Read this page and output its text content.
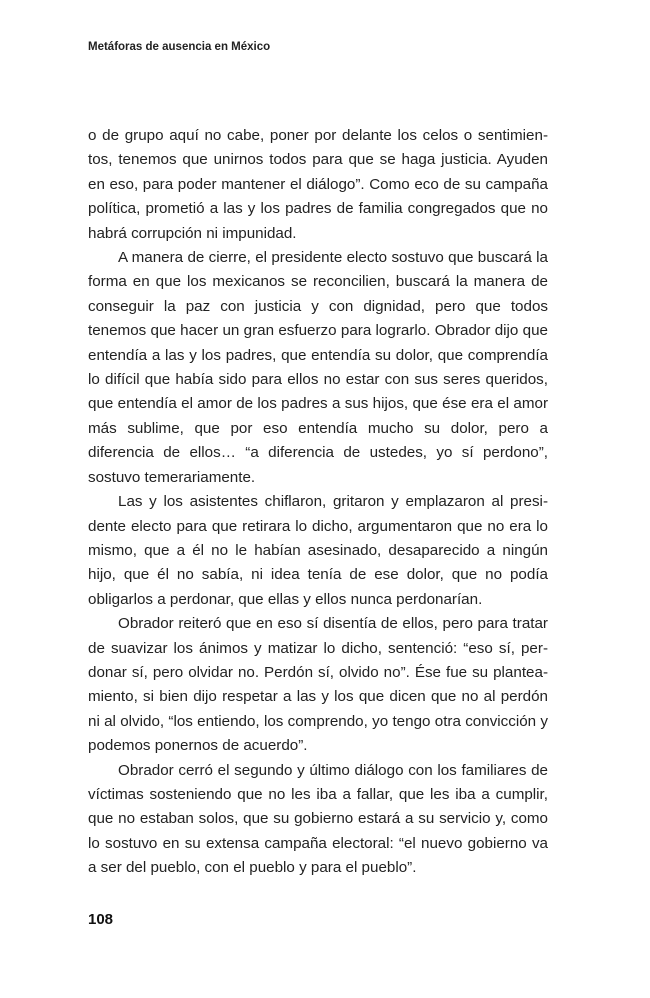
Metáforas de ausencia en México

o de grupo aquí no cabe, poner por delante los celos o sentimientos, tenemos que unirnos todos para que se haga justicia. Ayuden en eso, para poder mantener el diálogo”. Como eco de su campaña política, prometió a las y los padres de familia congregados que no habrá corrupción ni impunidad.

A manera de cierre, el presidente electo sostuvo que buscará la forma en que los mexicanos se reconcilien, buscará la manera de conseguir la paz con justicia y con dignidad, pero que todos tenemos que hacer un gran esfuerzo para lograrlo. Obrador dijo que entendía a las y los padres, que entendía su dolor, que comprendía lo difícil que había sido para ellos no estar con sus seres queridos, que entendía el amor de los padres a sus hijos, que ése era el amor más sublime, que por eso entendía mucho su dolor, pero a diferencia de ellos… “a diferencia de ustedes, yo sí perdono”, sostuvo temerariamente.

Las y los asistentes chiflaron, gritaron y emplazaron al presidente electo para que retirara lo dicho, argumentaron que no era lo mismo, que a él no le habían asesinado, desaparecido a ningún hijo, que él no sabía, ni idea tenía de ese dolor, que no podía obligarlos a perdonar, que ellas y ellos nunca perdonarían.

Obrador reiteró que en eso sí disentía de ellos, pero para tratar de suavizar los ánimos y matizar lo dicho, sentenció: “eso sí, perdonar sí, pero olvidar no. Perdón sí, olvido no”. Ése fue su planteamiento, si bien dijo respetar a las y los que dicen que no al perdón ni al olvido, “los entiendo, los comprendo, yo tengo otra convicción y podemos ponernos de acuerdo”.

Obrador cerró el segundo y último diálogo con los familiares de víctimas sosteniendo que no les iba a fallar, que les iba a cumplir, que no estaban solos, que su gobierno estará a su servicio y, como lo sostuvo en su extensa campaña electoral: “el nuevo gobierno va a ser del pueblo, con el pueblo y para el pueblo”.

108
